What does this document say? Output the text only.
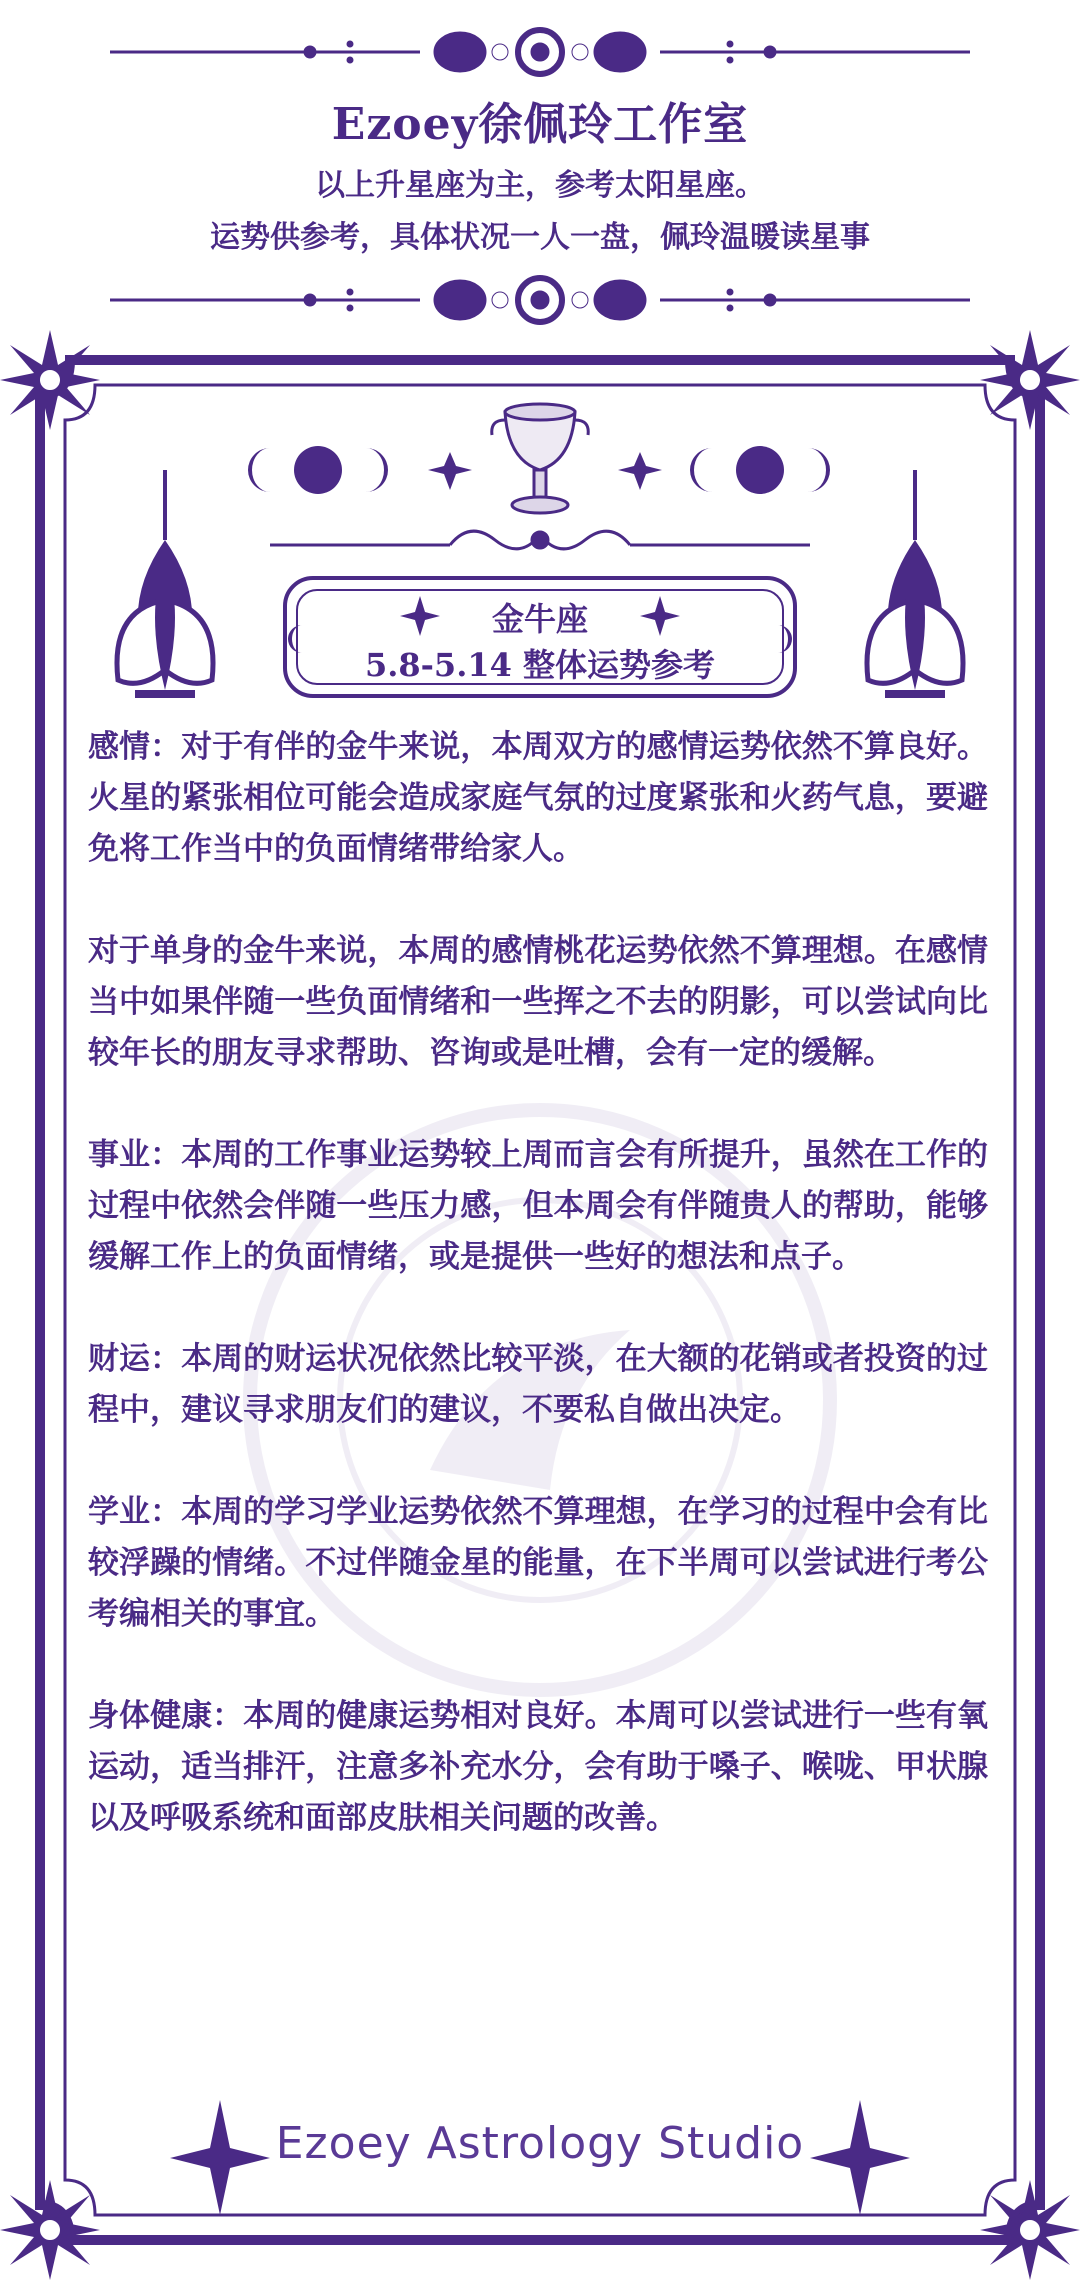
Ezoey徐佩玲工作室
以上升星座为主，参考太阳星座。
运势供参考，具体状况一人一盘，佩玲温暖读星事
金牛座
5.8-5.14 整体运势参考

感情：对于有伴的金牛来说，本周双方的感情运势依然不算良好。火星的紧张相位可能会造成家庭气氛的过度紧张和火药气息，要避免将工作当中的负面情绪带给家人。

对于单身的金牛来说，本周的感情桃花运势依然不算理想。在感情当中如果伴随一些负面情绪和一些挥之不去的阴影，可以尝试向比较年长的朋友寻求帮助、咨询或是吐槽，会有一定的缓解。

事业：本周的工作事业运势较上周而言会有所提升，虽然在工作的过程中依然会伴随一些压力感，但本周会有伴随贵人的帮助，能够缓解工作上的负面情绪，或是提供一些好的想法和点子。

财运：本周的财运状况依然比较平淡，在大额的花销或者投资的过程中，建议寻求朋友们的建议，不要私自做出决定。

学业：本周的学习学业运势依然不算理想，在学习的过程中会有比较浮躁的情绪。不过伴随金星的能量，在下半周可以尝试进行考公考编相关的事宜。

身体健康：本周的健康运势相对良好。本周可以尝试进行一些有氧运动，适当排汗，注意多补充水分，会有助于嗓子、喉咙、甲状腺以及呼吸系统和面部皮肤相关问题的改善。

Ezoey Astrology Studio
